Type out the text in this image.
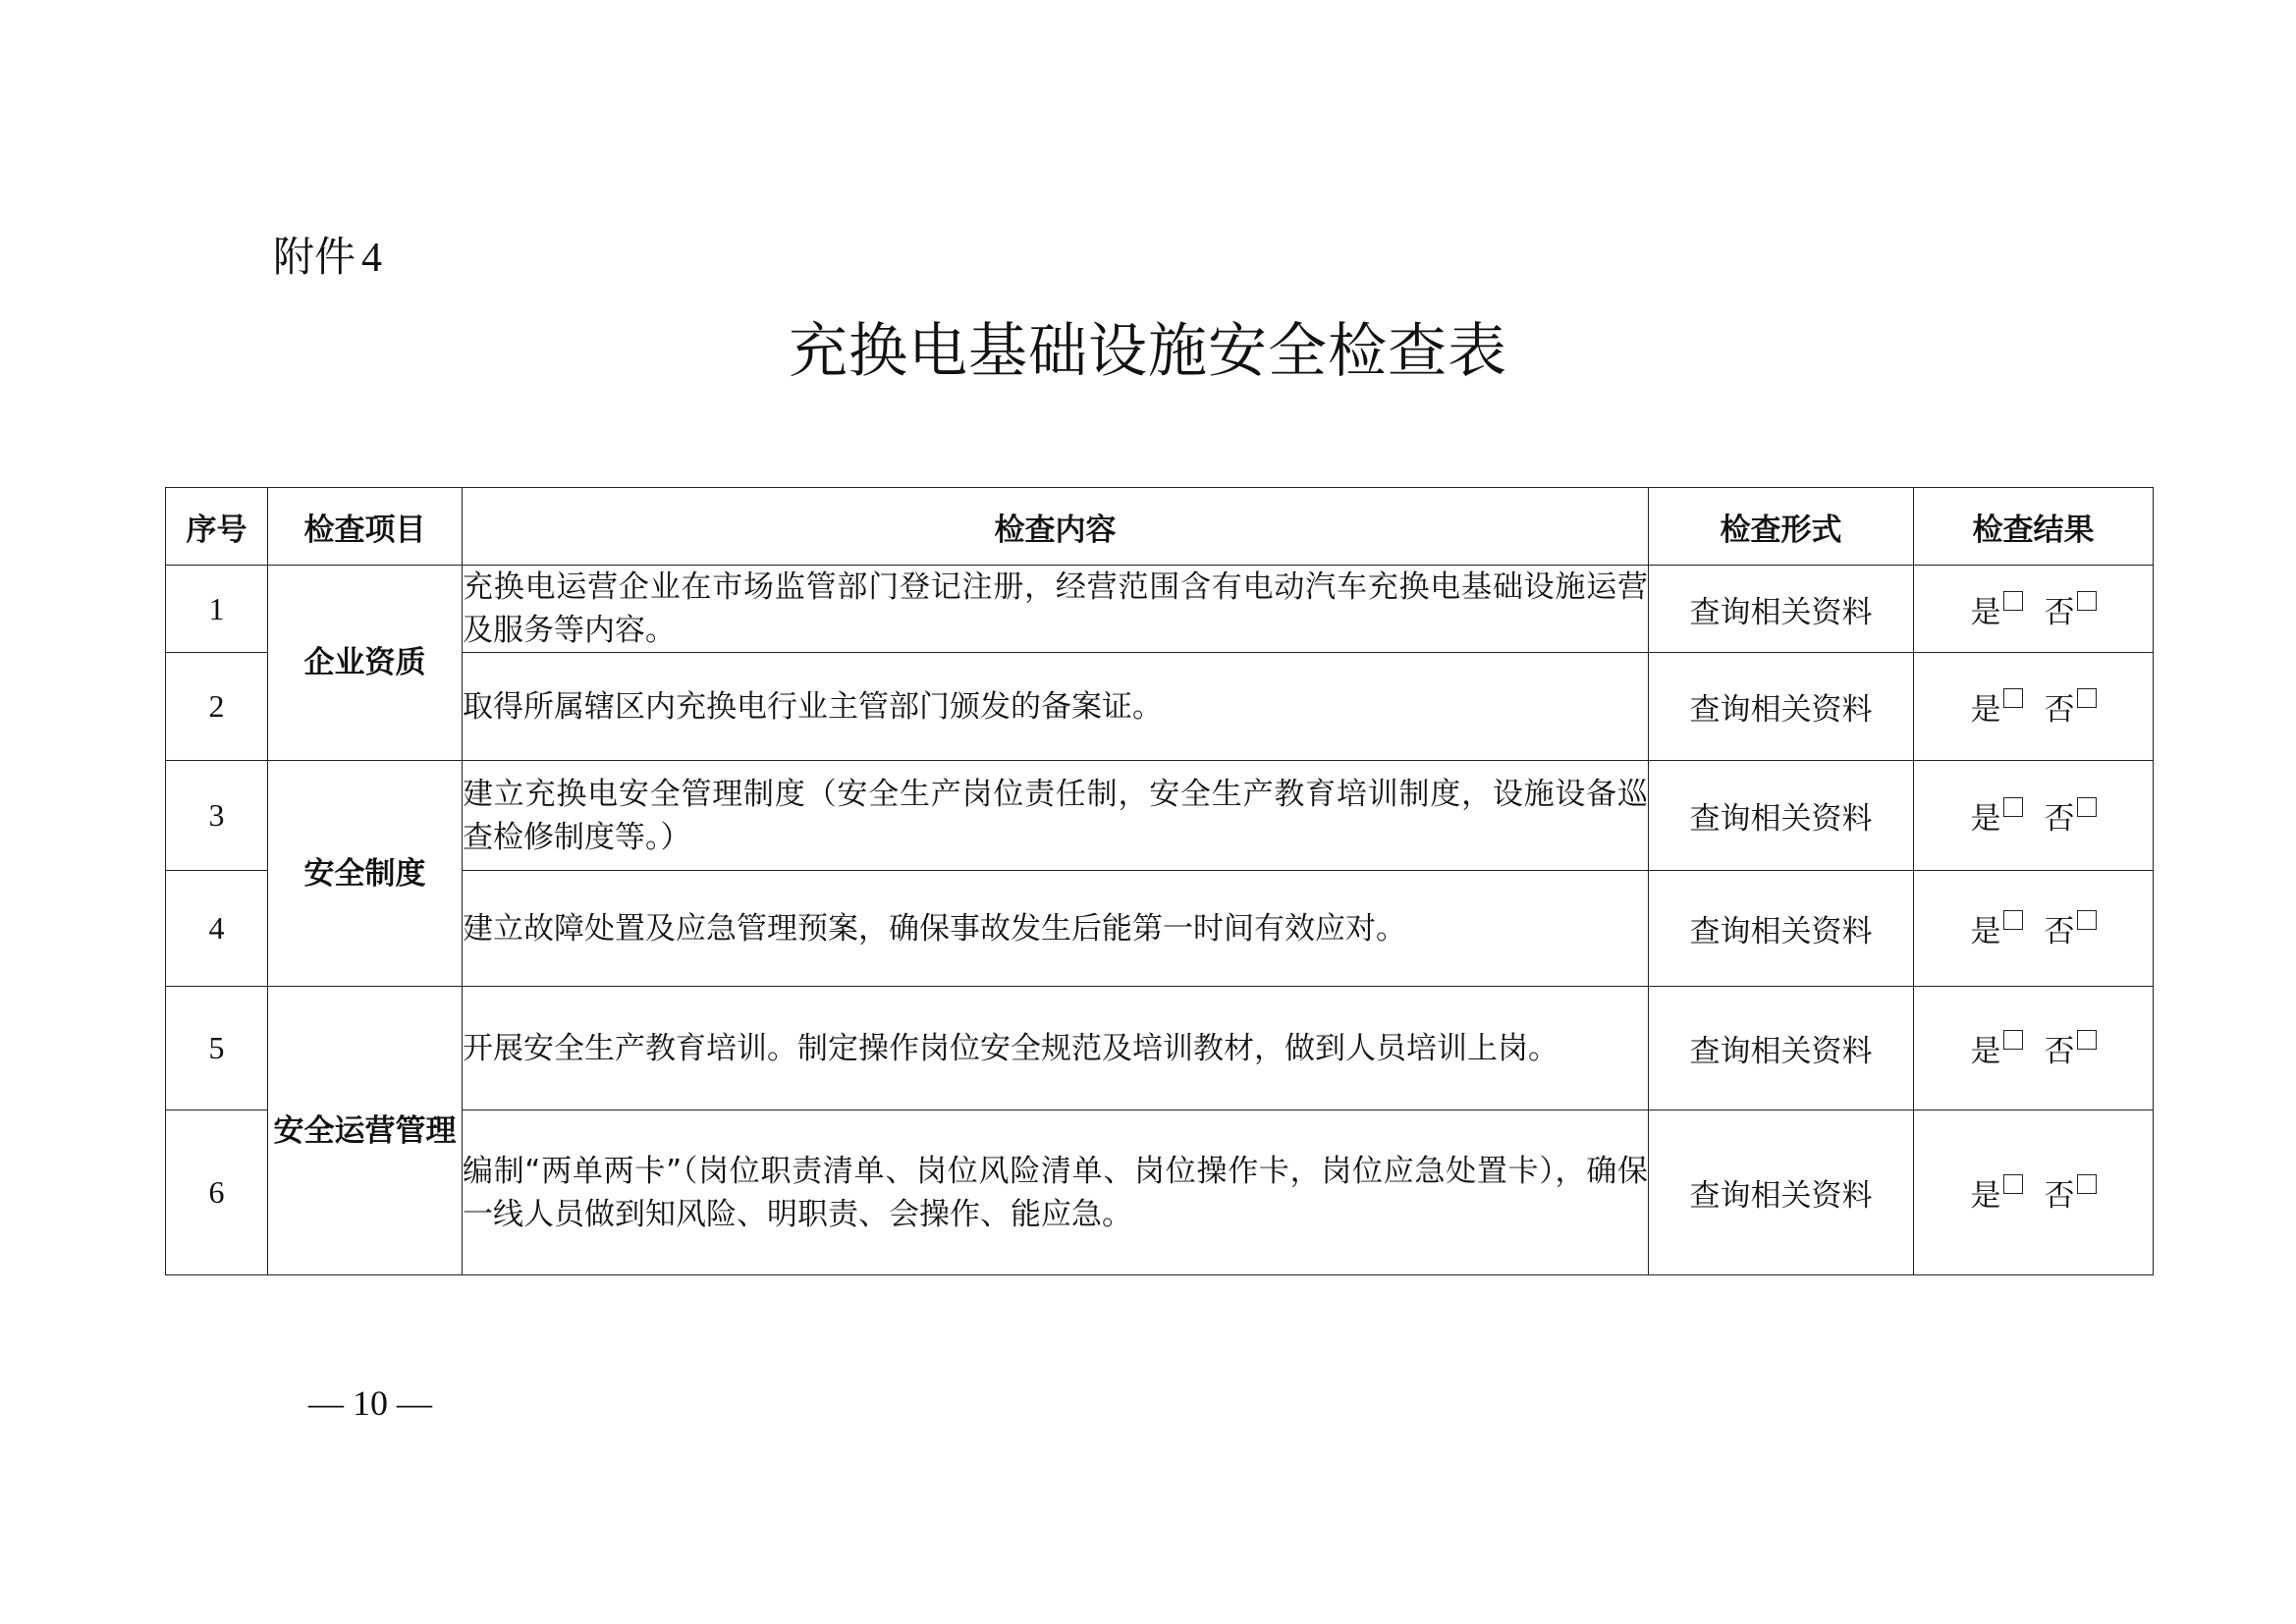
附件 4
充换电基础设施安全检查表
序号	检查项目	检查内容	检查形式	检查结果
1	企业资质	充换电运营企业在市场监管部门登记注册，经营范围含有电动汽车充换电基础设施运营及服务等内容。	查询相关资料	是 否
2		取得所属辖区内充换电行业主管部门颁发的备案证。	查询相关资料	是 否
3	安全制度	建立充换电安全管理制度（安全生产岗位责任制，安全生产教育培训制度，设施设备巡查检修制度等。）	查询相关资料	是 否
4		建立故障处置及应急管理预案，确保事故发生后能第一时间有效应对。	查询相关资料	是 否
5	安全运营管理	开展安全生产教育培训。制定操作岗位安全规范及培训教材，做到人员培训上岗。	查询相关资料	是 否
6		编制“两单两卡”（岗位职责清单、岗位风险清单、岗位操作卡，岗位应急处置卡），确保一线人员做到知风险、明职责、会操作、能应急。	查询相关资料	是 否
— 10 —
